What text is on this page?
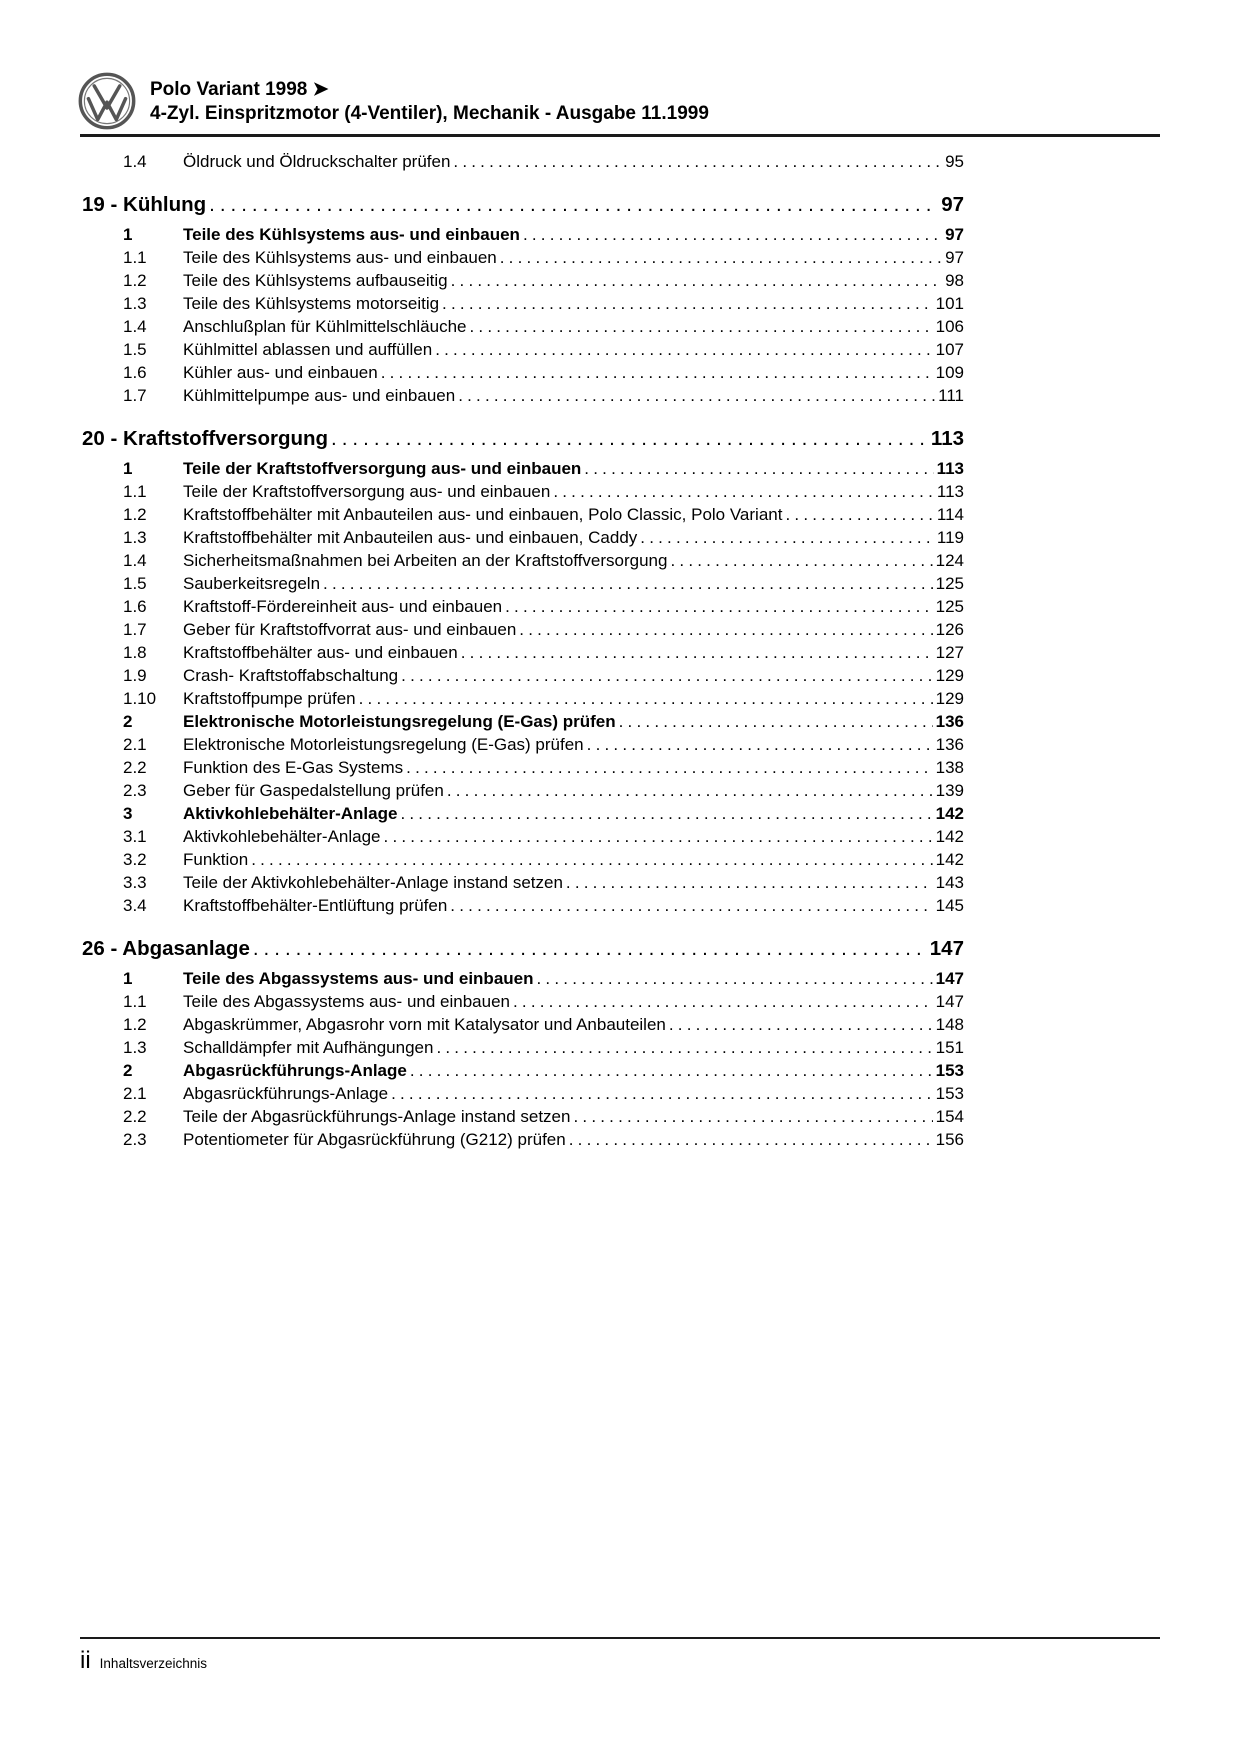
Polo Variant 1998 ➤
4-Zyl. Einspritzmotor (4-Ventiler), Mechanik - Ausgabe 11.1999
1.4	Öldruck und Öldruckschalter prüfen .....	95
19 - Kühlung .....	97
1	Teile des Kühlsystems aus- und einbauen .....	97
1.1	Teile des Kühlsystems aus- und einbauen .....	97
1.2	Teile des Kühlsystems aufbauseitig .....	98
1.3	Teile des Kühlsystems motorseitig .....	101
1.4	Anschlußplan für Kühlmittelschläuche .....	106
1.5	Kühlmittel ablassen und auffüllen .....	107
1.6	Kühler aus- und einbauen .....	109
1.7	Kühlmittelpumpe aus- und einbauen .....	111
20 - Kraftstoffversorgung .....	113
1	Teile der Kraftstoffversorgung aus- und einbauen .....	113
1.1	Teile der Kraftstoffversorgung aus- und einbauen .....	113
1.2	Kraftstoffbehälter mit Anbauteilen aus- und einbauen, Polo Classic, Polo Variant .....	114
1.3	Kraftstoffbehälter mit Anbauteilen aus- und einbauen, Caddy .....	119
1.4	Sicherheitsmaßnahmen bei Arbeiten an der Kraftstoffversorgung .....	124
1.5	Sauberkeitsregeln .....	125
1.6	Kraftstoff-Fördereinheit aus- und einbauen .....	125
1.7	Geber für Kraftstoffvorrat aus- und einbauen .....	126
1.8	Kraftstoffbehälter aus- und einbauen .....	127
1.9	Crash- Kraftstoffabschaltung .....	129
1.10	Kraftstoffpumpe prüfen .....	129
2	Elektronische Motorleistungsregelung (E-Gas) prüfen .....	136
2.1	Elektronische Motorleistungsregelung (E-Gas) prüfen .....	136
2.2	Funktion des E-Gas Systems .....	138
2.3	Geber für Gaspedalstellung prüfen .....	139
3	Aktivkohlebehälter-Anlage .....	142
3.1	Aktivkohlebehälter-Anlage .....	142
3.2	Funktion .....	142
3.3	Teile der Aktivkohlebehälter-Anlage instand setzen .....	143
3.4	Kraftstoffbehälter-Entlüftung prüfen .....	145
26 - Abgasanlage .....	147
1	Teile des Abgassystems aus- und einbauen .....	147
1.1	Teile des Abgassystems aus- und einbauen .....	147
1.2	Abgaskrümmer, Abgasrohr vorn mit Katalysator und Anbauteilen .....	148
1.3	Schalldämpfer mit Aufhängungen .....	151
2	Abgasrückführungs-Anlage .....	153
2.1	Abgasrückführungs-Anlage .....	153
2.2	Teile der Abgasrückführungs-Anlage instand setzen .....	154
2.3	Potentiometer für Abgasrückführung (G212) prüfen .....	156
ii Inhaltsverzeichnis
